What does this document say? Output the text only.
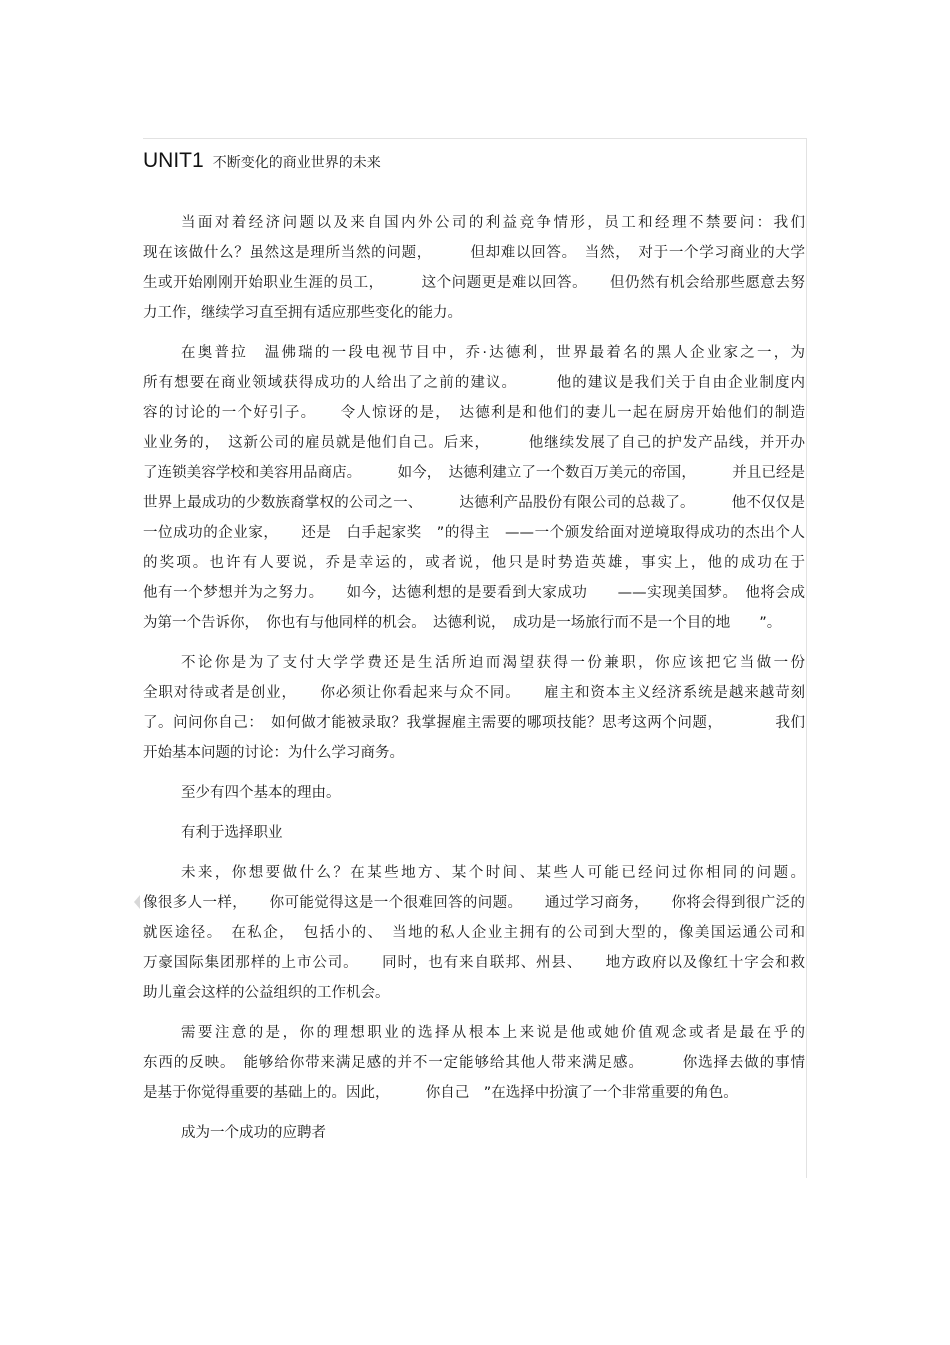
UNIT1 不断变化的商业世界的未来
当面对着经济问题以及来自国内外公司的利益竞争情形，员工和经理不禁要问：我们
现在该做什么？虽然这是理所当然的问题，　　　但却难以回答。　当然，　对于一个学习商业的大学
生或开始刚刚开始职业生涯的员工，　　　这个问题更是难以回答。　　但仍然有机会给那些愿意去努
力工作，继续学习直至拥有适应那些变化的能力。
在奥普拉　温佛瑞的一段电视节目中，乔·达德利，世界最着名的黑人企业家之一，为
所有想要在商业领域获得成功的人给出了之前的建议。　　　他的建议是我们关于自由企业制度内
容的讨论的一个好引子。　　令人惊讶的是，　达德利是和他们的妻儿一起在厨房开始他们的制造
业业务的，　这新公司的雇员就是他们自己。后来，　　　他继续发展了自己的护发产品线，并开办
了连锁美容学校和美容用品商店。　　　如今，　达德利建立了一个数百万美元的帝国，　　　并且已经是
世界上最成功的少数族裔掌权的公司之一、　　　达德利产品股份有限公司的总裁了。　　　他不仅仅是
一位成功的企业家，　　还是　白手起家奖　”的得主　——一个颁发给面对逆境取得成功的杰出个人
的奖项。也许有人要说，乔是幸运的，或者说，他只是时势造英雄，事实上，他的成功在于
他有一个梦想并为之努力。　　如今，达德利想的是要看到大家成功　　——实现美国梦。　他将会成
为第一个告诉你，　你也有与他同样的机会。　达德利说，　成功是一场旅行而不是一个目的地　　”。
不论你是为了支付大学学费还是生活所迫而渴望获得一份兼职，你应该把它当做一份
全职对待或者是创业，　　你必须让你看起来与众不同。　　雇主和资本主义经济系统是越来越苛刻
了。问问你自己：　如何做才能被录取？我掌握雇主需要的哪项技能？思考这两个问题，　　　　我们
开始基本问题的讨论：为什么学习商务。
至少有四个基本的理由。
有利于选择职业
未来，你想要做什么？在某些地方、某个时间、某些人可能已经问过你相同的问题。
像很多人一样，　　你可能觉得这是一个很难回答的问题。　　通过学习商务，　　你将会得到很广泛的
就医途径。　在私企，　包括小的、　当地的私人企业主拥有的公司到大型的，像美国运通公司和
万豪国际集团那样的上市公司。　　同时，也有来自联邦、州县、　　地方政府以及像红十字会和救
助儿童会这样的公益组织的工作机会。
需要注意的是，你的理想职业的选择从根本上来说是他或她价值观念或者是最在乎的
东西的反映。　能够给你带来满足感的并不一定能够给其他人带来满足感。　　　你选择去做的事情
是基于你觉得重要的基础上的。因此，　　　你自己　”在选择中扮演了一个非常重要的角色。
成为一个成功的应聘者
